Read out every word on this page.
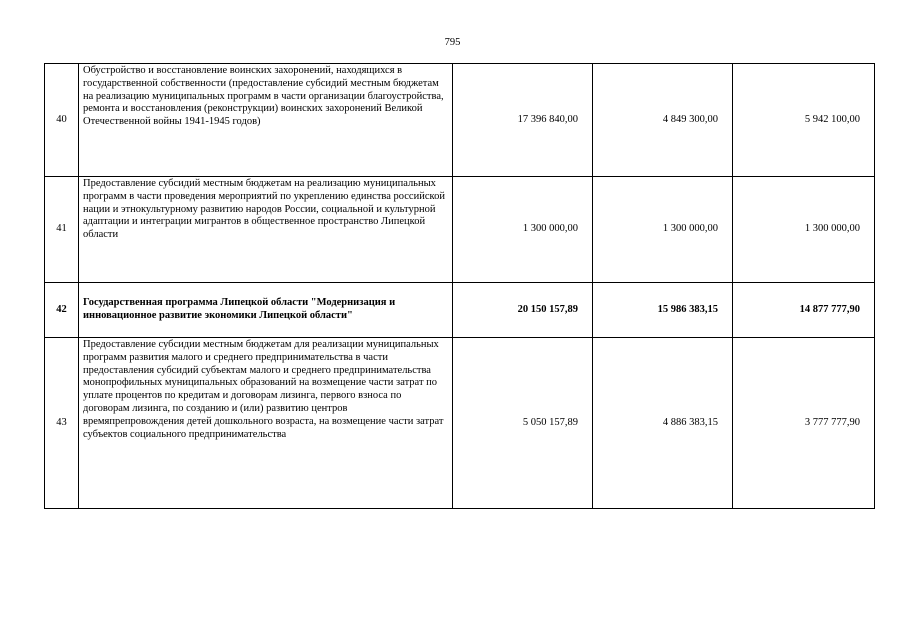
795
40	Обустройство и восстановление воинских захоронений, находящихся в государственной собственности (предоставление субсидий местным бюджетам на реализацию муниципальных программ в части организации благоустройства, ремонта и восстановления (реконструкции) воинских захоронений Великой Отечественной войны 1941-1945 годов)	17 396 840,00	4 849 300,00	5 942 100,00
41	Предоставление субсидий местным бюджетам на реализацию муниципальных программ в части проведения мероприятий по укреплению единства российской нации и этнокультурному развитию народов России, социальной и культурной адаптации и интеграции мигрантов в общественное пространство Липецкой области	1 300 000,00	1 300 000,00	1 300 000,00
42	Государственная программа Липецкой области "Модернизация и инновационное развитие экономики Липецкой области"	20 150 157,89	15 986 383,15	14 877 777,90
43	Предоставление субсидии местным бюджетам для реализации муниципальных программ развития малого и среднего предпринимательства в части предоставления субсидий субъектам малого и среднего предпринимательства монопрофильных муниципальных образований на возмещение части затрат по уплате процентов по кредитам и договорам лизинга, первого взноса по договорам лизинга, по созданию и (или) развитию центров времяпрепровождения детей дошкольного возраста, на возмещение части затрат субъектов социального предпринимательства	5 050 157,89	4 886 383,15	3 777 777,90
